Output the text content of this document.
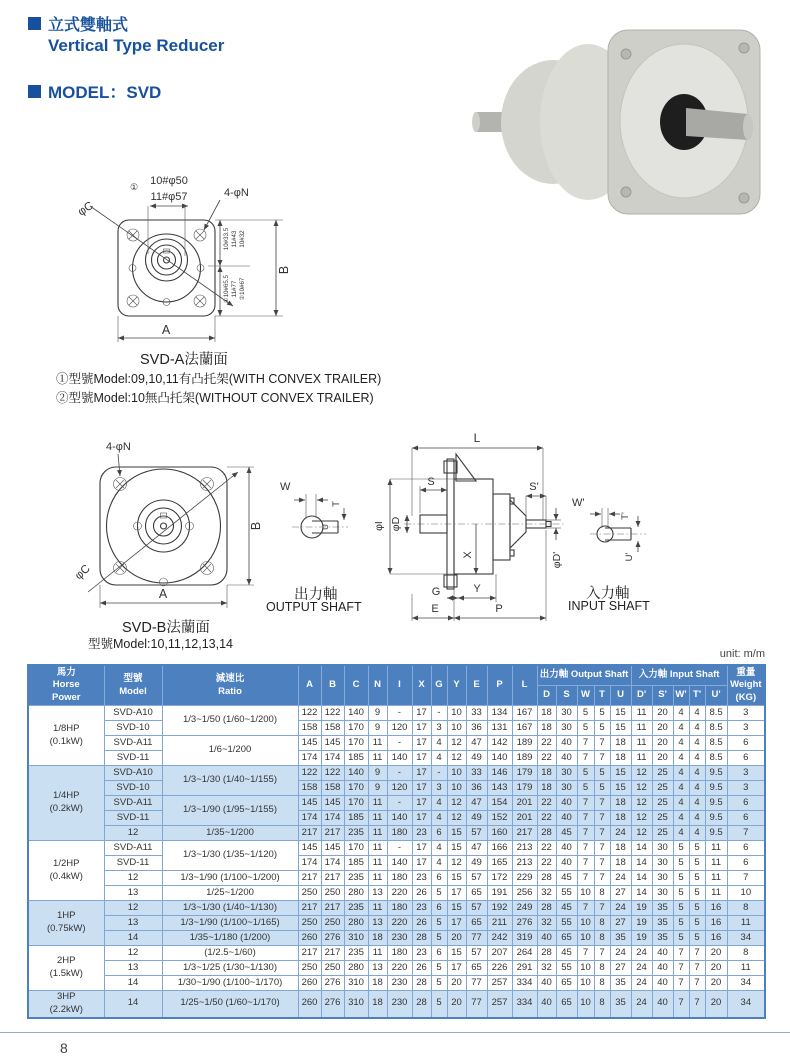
立式雙軸式
Vertical Type Reducer
MODEL：SVD
φC
① 10#φ50
11#φ57	4-φN
A
B
10#33.5 11#43 10#32
①10#65.5 11#77 ②10#67
SVD-A法蘭面
①型號Model:09,10,11有凸托架(WITH CONVEX TRAILER)
②型號Model:10無凸托架(WITHOUT CONVEX TRAILER)
φC
4-φN
A
B
SVD-B法蘭面
型號Model:10,11,12,13,14
W
U
T
出力軸
OUTPUT SHAFT
L
S	S'
φI φD
X	φD'
G	Y
E	P
W'
T'
U'
入力軸
INPUT SHAFT
unit: m/m
馬力
Horse
Power	型號
Model	減速比
Ratio	A	B	C	N	I	X	G	Y	E	P	L	出力軸 Output Shaft					入力軸 Input Shaft					重量
Weight
(KG)
														D	S	W	T	U	D'	S'	W'	T'	U'	
1/8HP
(0.1kW)	SVD-A10	1/3~1/50 (1/60~1/200)	122	122	140	9	-	17	-	10	33	134	167	18	30	5	5	15	11	20	4	4	8.5	3
	SVD-10		158	158	170	9	120	17	3	10	36	131	167	18	30	5	5	15	11	20	4	4	8.5	3
	SVD-A11	1/6~1/200	145	145	170	11	-	17	4	12	47	142	189	22	40	7	7	18	11	20	4	4	8.5	6
	SVD-11		174	174	185	11	140	17	4	12	49	140	189	22	40	7	7	18	11	20	4	4	8.5	6
1/4HP
(0.2kW)	SVD-A10	1/3~1/30 (1/40~1/155)	122	122	140	9	-	17	-	10	33	146	179	18	30	5	5	15	12	25	4	4	9.5	3
	SVD-10		158	158	170	9	120	17	3	10	36	143	179	18	30	5	5	15	12	25	4	4	9.5	3
	SVD-A11	1/3~1/90 (1/95~1/155)	145	145	170	11	-	17	4	12	47	154	201	22	40	7	7	18	12	25	4	4	9.5	6
	SVD-11		174	174	185	11	140	17	4	12	49	152	201	22	40	7	7	18	12	25	4	4	9.5	6
	12	1/35~1/200	217	217	235	11	180	23	6	15	57	160	217	28	45	7	7	24	12	25	4	4	9.5	7
1/2HP
(0.4kW)	SVD-A11	1/3~1/30 (1/35~1/120)	145	145	170	11	-	17	4	15	47	166	213	22	40	7	7	18	14	30	5	5	11	6
	SVD-11		174	174	185	11	140	17	4	12	49	165	213	22	40	7	7	18	14	30	5	5	11	6
	12	1/3~1/90 (1/100~1/200)	217	217	235	11	180	23	6	15	57	172	229	28	45	7	7	24	14	30	5	5	11	7
	13	1/25~1/200	250	250	280	13	220	26	5	17	65	191	256	32	55	10	8	27	14	30	5	5	11	10
1HP
(0.75kW)	12	1/3~1/30 (1/40~1/130)	217	217	235	11	180	23	6	15	57	192	249	28	45	7	7	24	19	35	5	5	16	8
	13	1/3~1/90 (1/100~1/165)	250	250	280	13	220	26	5	17	65	211	276	32	55	10	8	27	19	35	5	5	16	11
	14	1/35~1/180 (1/200)	260	276	310	18	230	28	5	20	77	242	319	40	65	10	8	35	19	35	5	5	16	34
2HP
(1.5kW)	12	(1/2.5~1/60)	217	217	235	11	180	23	6	15	57	207	264	28	45	7	7	24	24	40	7	7	20	8
	13	1/3~1/25 (1/30~1/130)	250	250	280	13	220	26	5	17	65	226	291	32	55	10	8	27	24	40	7	7	20	11
	14	1/30~1/90 (1/100~1/170)	260	276	310	18	230	28	5	20	77	257	334	40	65	10	8	35	24	40	7	7	20	34
3HP
(2.2kW)	14	1/25~1/50 (1/60~1/170)	260	276	310	18	230	28	5	20	77	257	334	40	65	10	8	35	24	40	7	7	20	34
8
